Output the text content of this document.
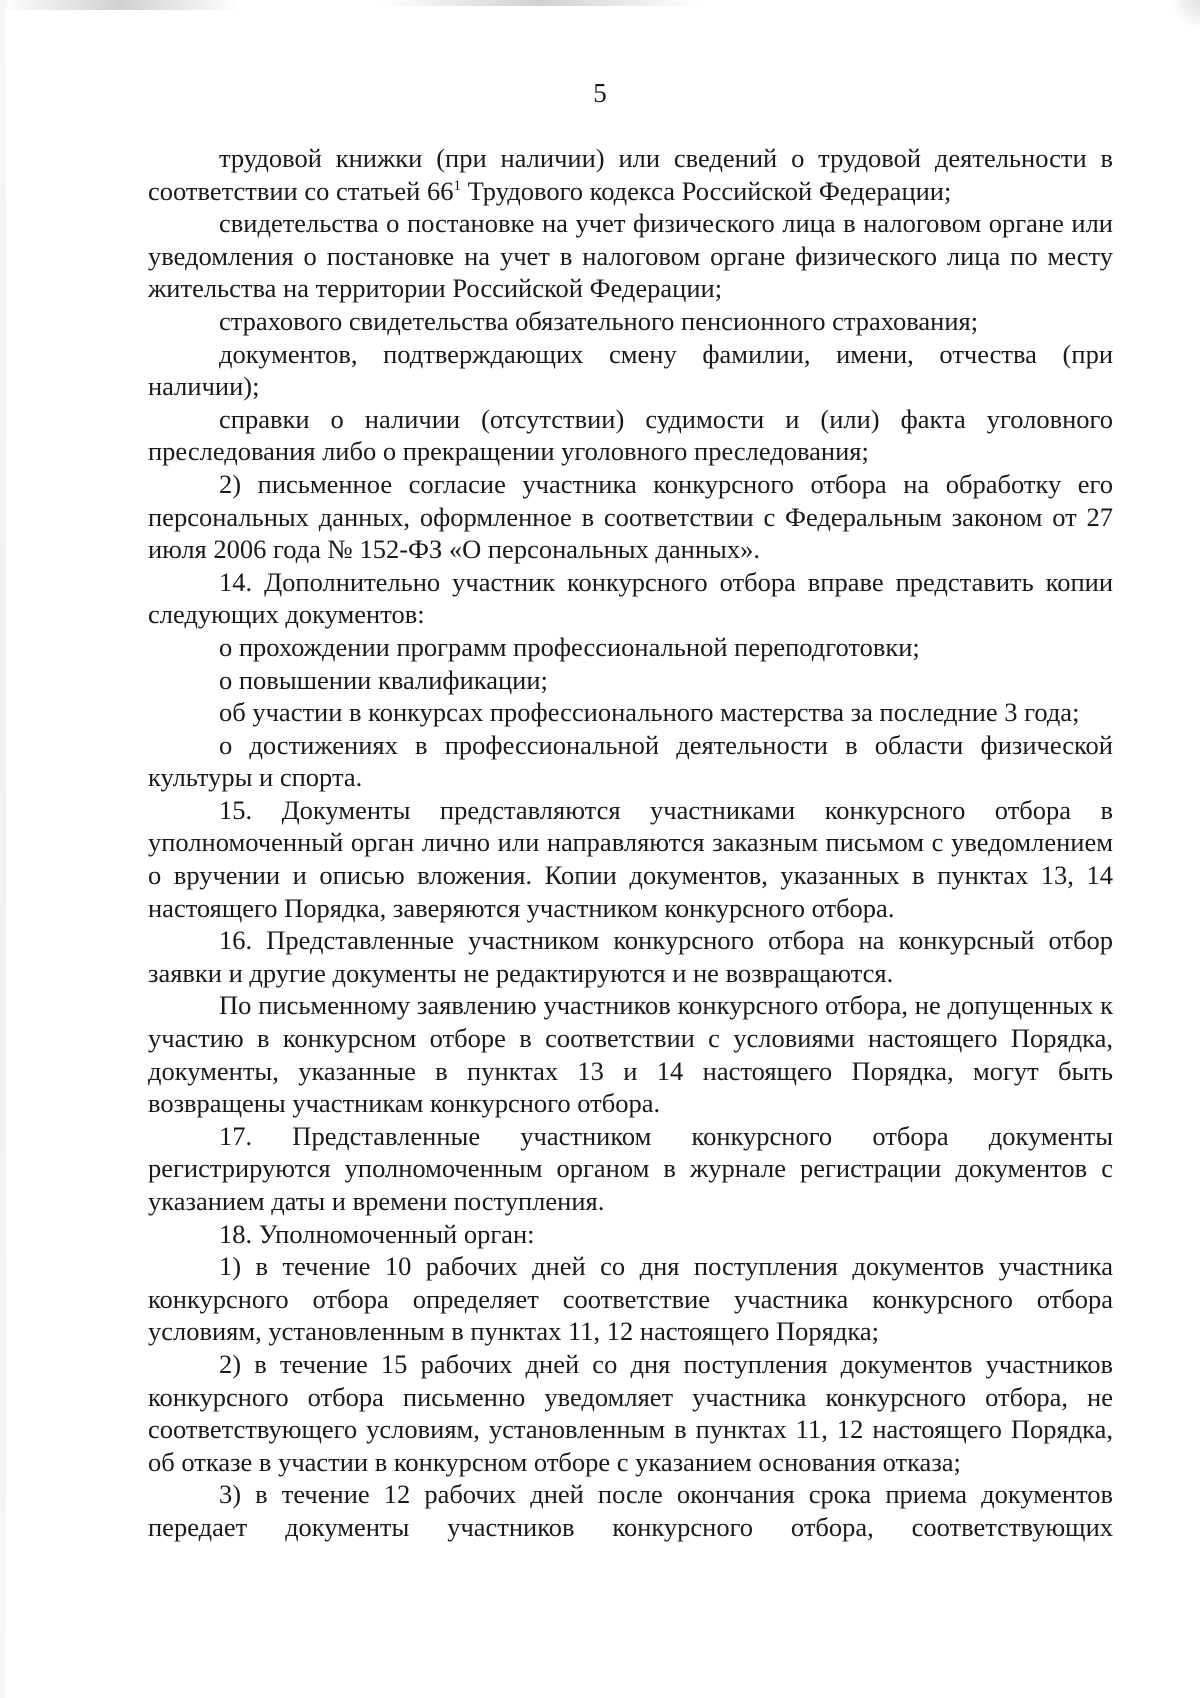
5

трудовой книжки (при наличии) или сведений о трудовой деятельности в соответствии со статьей $66^1$ Трудового кодекса Российской Федерации;

свидетельства о постановке на учет физического лица в налоговом органе или уведомления о постановке на учет в налоговом органе физического лица по месту жительства на территории Российской Федерации;

страхового свидетельства обязательного пенсионного страхования;

документов, подтверждающих смену фамилии, имени, отчества (при наличии);

справки о наличии (отсутствии) судимости и (или) факта уголовного преследования либо о прекращении уголовного преследования;

2) письменное согласие участника конкурсного отбора на обработку его персональных данных, оформленное в соответствии с Федеральным законом от 27 июля 2006 года № 152-ФЗ «О персональных данных».

14. Дополнительно участник конкурсного отбора вправе представить копии следующих документов:

о прохождении программ профессиональной переподготовки;

о повышении квалификации;

об участии в конкурсах профессионального мастерства за последние 3 года;

о достижениях в профессиональной деятельности в области физической культуры и спорта.

15. Документы представляются участниками конкурсного отбора в уполномоченный орган лично или направляются заказным письмом с уведомлением о вручении и описью вложения. Копии документов, указанных в пунктах 13, 14 настоящего Порядка, заверяются участником конкурсного отбора.

16. Представленные участником конкурсного отбора на конкурсный отбор заявки и другие документы не редактируются и не возвращаются.

По письменному заявлению участников конкурсного отбора, не допущенных к участию в конкурсном отборе в соответствии с условиями настоящего Порядка, документы, указанные в пунктах 13 и 14 настоящего Порядка, могут быть возвращены участникам конкурсного отбора.

17. Представленные участником конкурсного отбора документы регистрируются уполномоченным органом в журнале регистрации документов с указанием даты и времени поступления.

18. Уполномоченный орган:

1) в течение 10 рабочих дней со дня поступления документов участника конкурсного отбора определяет соответствие участника конкурсного отбора условиям, установленным в пунктах 11, 12 настоящего Порядка;

2) в течение 15 рабочих дней со дня поступления документов участников конкурсного отбора письменно уведомляет участника конкурсного отбора, не соответствующего условиям, установленным в пунктах 11, 12 настоящего Порядка, об отказе в участии в конкурсном отборе с указанием основания отказа;

3) в течение 12 рабочих дней после окончания срока приема документов передает документы участников конкурсного отбора, соответствующих
